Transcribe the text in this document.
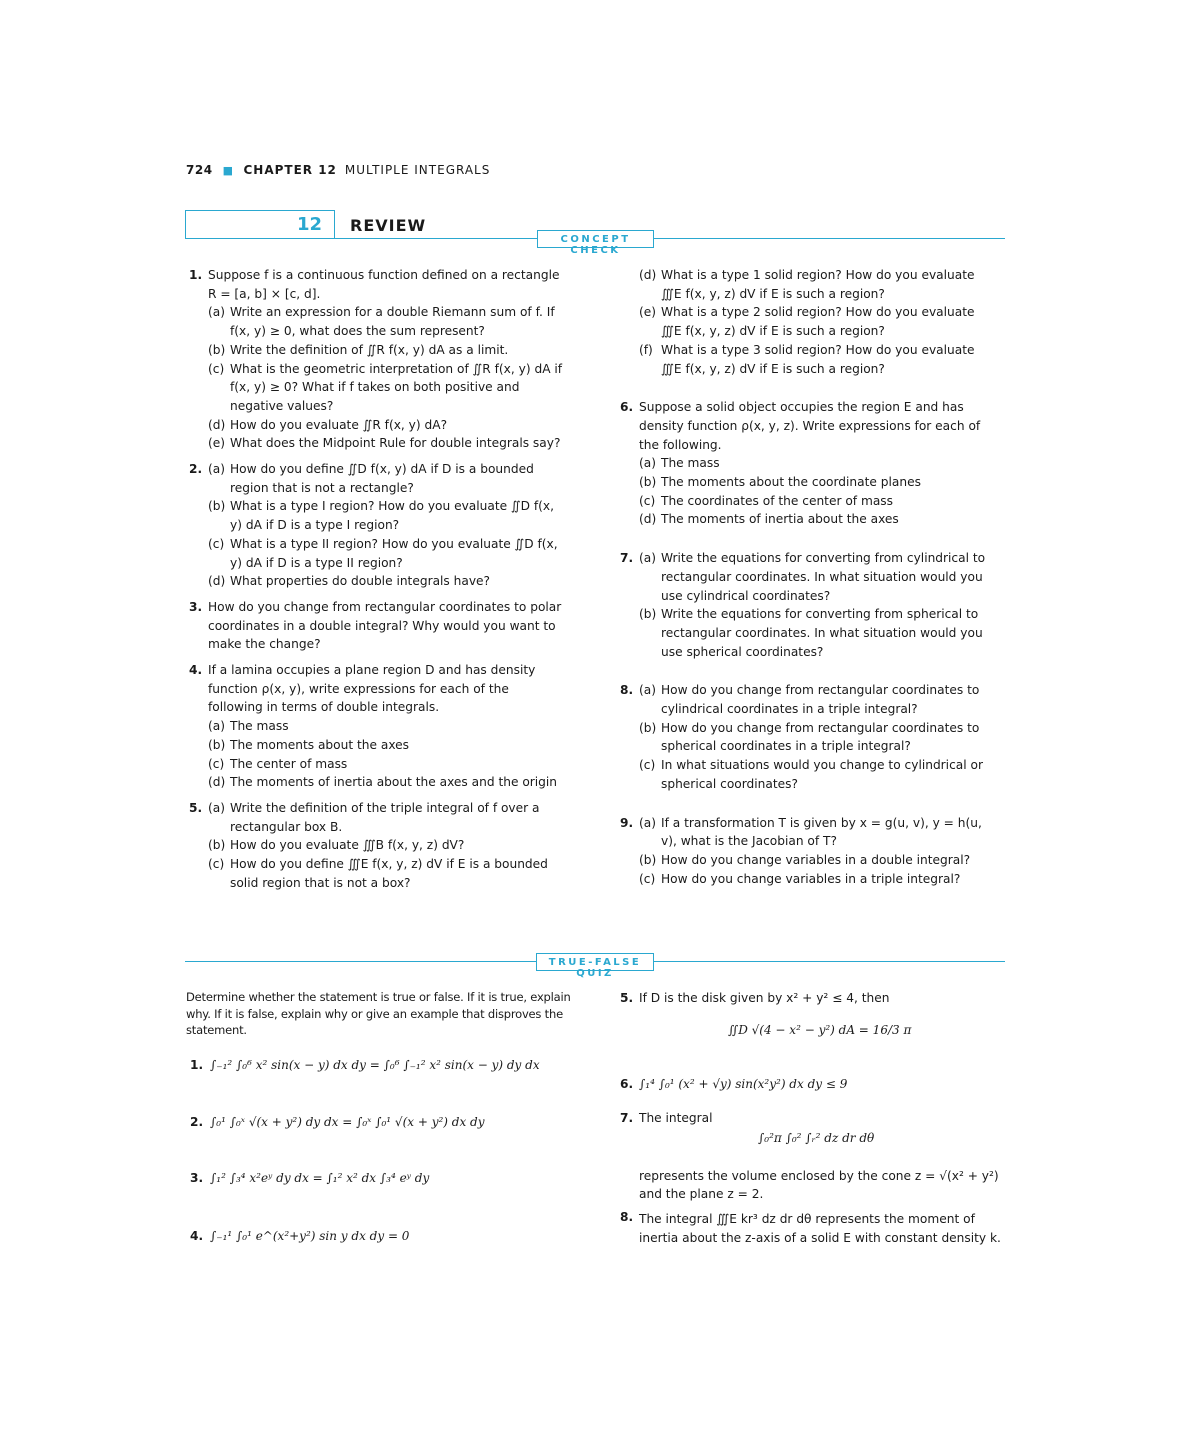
724 ■ CHAPTER 12 MULTIPLE INTEGRALS
12 REVIEW
CONCEPT CHECK
1. Suppose f is a continuous function defined on a rectangle R = [a, b] × [c, d].
(a) Write an expression for a double Riemann sum of f. If f(x, y) ≥ 0, what does the sum represent?
(b) Write the definition of ∬R f(x, y) dA as a limit.
(c) What is the geometric interpretation of ∬R f(x, y) dA if f(x, y) ≥ 0? What if f takes on both positive and negative values?
(d) How do you evaluate ∬R f(x, y) dA?
(e) What does the Midpoint Rule for double integrals say?
2. (a) How do you define ∬D f(x, y) dA if D is a bounded region that is not a rectangle?
(b) What is a type I region? How do you evaluate ∬D f(x, y) dA if D is a type I region?
(c) What is a type II region? How do you evaluate ∬D f(x, y) dA if D is a type II region?
(d) What properties do double integrals have?
3. How do you change from rectangular coordinates to polar coordinates in a double integral? Why would you want to make the change?
4. If a lamina occupies a plane region D and has density function ρ(x, y), write expressions for each of the following in terms of double integrals.
(a) The mass
(b) The moments about the axes
(c) The center of mass
(d) The moments of inertia about the axes and the origin
5. (a) Write the definition of the triple integral of f over a rectangular box B.
(b) How do you evaluate ∭B f(x, y, z) dV?
(c) How do you define ∭E f(x, y, z) dV if E is a bounded solid region that is not a box?
(d) What is a type 1 solid region? How do you evaluate ∭E f(x, y, z) dV if E is such a region?
(e) What is a type 2 solid region? How do you evaluate ∭E f(x, y, z) dV if E is such a region?
(f) What is a type 3 solid region? How do you evaluate ∭E f(x, y, z) dV if E is such a region?
6. Suppose a solid object occupies the region E and has density function ρ(x, y, z). Write expressions for each of the following.
(a) The mass
(b) The moments about the coordinate planes
(c) The coordinates of the center of mass
(d) The moments of inertia about the axes
7. (a) Write the equations for converting from cylindrical to rectangular coordinates. In what situation would you use cylindrical coordinates?
(b) Write the equations for converting from spherical to rectangular coordinates. In what situation would you use spherical coordinates?
8. (a) How do you change from rectangular coordinates to cylindrical coordinates in a triple integral?
(b) How do you change from rectangular coordinates to spherical coordinates in a triple integral?
(c) In what situations would you change to cylindrical or spherical coordinates?
9. (a) If a transformation T is given by x = g(u, v), y = h(u, v), what is the Jacobian of T?
(b) How do you change variables in a double integral?
(c) How do you change variables in a triple integral?
TRUE-FALSE QUIZ
Determine whether the statement is true or false. If it is true, explain why. If it is false, explain why or give an example that disproves the statement.
1. ∫₋₁² ∫₀⁶ x² sin(x − y) dx dy = ∫₀⁶ ∫₋₁² x² sin(x − y) dy dx
2. ∫₀¹ ∫₀ˣ √(x + y²) dy dx = ∫₀ˣ ∫₀¹ √(x + y²) dx dy
3. ∫₁² ∫₃⁴ x²eʸ dy dx = ∫₁² x² dx ∫₃⁴ eʸ dy
4. ∫₋₁¹ ∫₀¹ e^(x²+y²) sin y dx dy = 0
5. If D is the disk given by x² + y² ≤ 4, then
∬D √(4 − x² − y²) dA = 16/3 π
6. ∫₁⁴ ∫₀¹ (x² + √y) sin(x²y²) dx dy ≤ 9
7. The integral
∫₀²π ∫₀² ∫ᵣ² dz dr dθ
represents the volume enclosed by the cone z = √(x² + y²) and the plane z = 2.
8. The integral ∭E kr³ dz dr dθ represents the moment of inertia about the z-axis of a solid E with constant density k.
